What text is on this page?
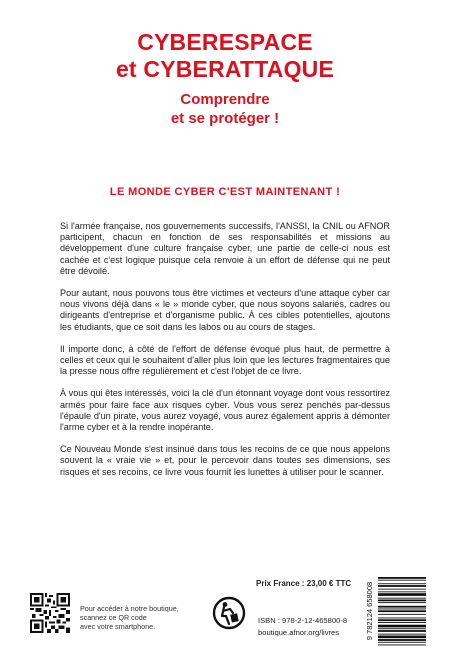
CYBERESPACE
et CYBERATTAQUE
Comprendre
et se protéger !
LE MONDE CYBER C'EST MAINTENANT !

Si l'armée française, nos gouvernements successifs, l'ANSSI, la CNIL ou AFNOR participent, chacun en fonction de ses responsabilités et missions au développement d'une culture française cyber, une partie de celle-ci nous est cachée et c'est logique puisque cela renvoie à un effort de défense qui ne peut être dévoilé.

Pour autant, nous pouvons tous être victimes et vecteurs d'une attaque cyber car nous vivons déjà dans « le » monde cyber, que nous soyons salariés, cadres ou dirigeants d'entreprise et d'organisme public. À ces cibles potentielles, ajoutons les étudiants, que ce soit dans les labos ou au cours de stages.

Il importe donc, à côté de l'effort de défense évoqué plus haut, de permettre à celles et ceux qui le souhaitent d'aller plus loin que les lectures fragmentaires que la presse nous offre régulièrement et c'est l'objet de ce livre.

À vous qui êtes intéressés, voici la clé d'un étonnant voyage dont vous ressortirez armés pour faire face aux risques cyber. Vous vous serez penchés par-dessus l'épaule d'un pirate, vous aurez voyagé, vous aurez également appris à démonter l'arme cyber et à la rendre inopérante.

Ce Nouveau Monde s'est insinué dans tous les recoins de ce que nous appelons souvent la « vraie vie » et, pour le percevoir dans toutes ses dimensions, ses risques et ses recoins, ce livre vous fournit les lunettes à utiliser pour le scanner.

Prix France : 23,00 € TTC
Pour accéder à notre boutique,
scannez ce QR code
avec votre smartphone.
ISBN : 978-2-12-465800-8
boutique.afnor.org/livres	9 782124 658008
